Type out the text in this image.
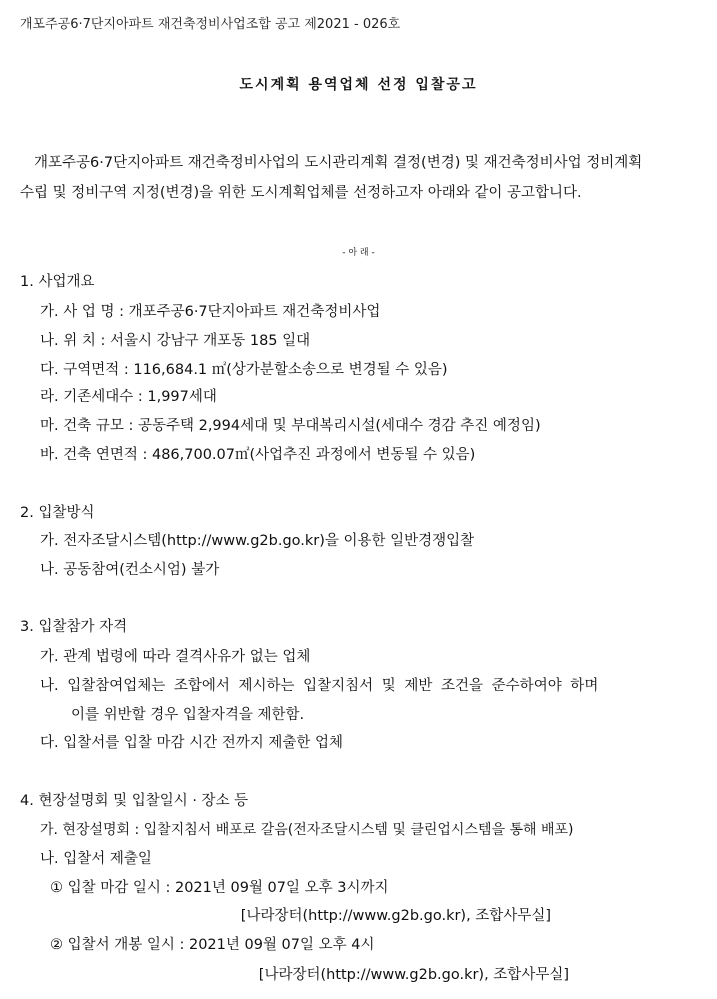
개포주공6·7단지아파트 재건축정비사업조합 공고 제2021 - 026호
도시계획 용역업체 선정 입찰공고
개포주공6·7단지아파트 재건축정비사업의 도시관리계획 결정(변경) 및 재건축정비사업 정비계획
수립 및 정비구역 지정(변경)을 위한 도시계획업체를 선정하고자 아래와 같이 공고합니다.
- 아 래 -
1. 사업개요
가. 사 업 명 : 개포주공6·7단지아파트 재건축정비사업
나. 위 치 : 서울시 강남구 개포동 185 일대
다. 구역면적 : 116,684.1 ㎡(상가분할소송으로 변경될 수 있음)
라. 기존세대수 : 1,997세대
마. 건축 규모 : 공동주택 2,994세대 및 부대복리시설(세대수 경감 추진 예정임)
바. 건축 연면적 : 486,700.07㎡(사업추진 과정에서 변동될 수 있음)
2. 입찰방식
가. 전자조달시스템(http://www.g2b.go.kr)을 이용한 일반경쟁입찰
나. 공동참여(컨소시엄) 불가
3. 입찰참가 자격
가. 관계 법령에 따라 결격사유가 없는 업체
나. 입찰참여업체는 조합에서 제시하는 입찰지침서 및 제반 조건을 준수하여야 하며
이를 위반할 경우 입찰자격을 제한함.
다. 입찰서를 입찰 마감 시간 전까지 제출한 업체
4. 현장설명회 및 입찰일시 · 장소 등
가. 현장설명회 : 입찰지침서 배포로 갈음(전자조달시스템 및 클린업시스템을 통해 배포)
나. 입찰서 제출일
① 입찰 마감 일시 : 2021년 09월 07일 오후 3시까지
[나라장터(http://www.g2b.go.kr), 조합사무실]
② 입찰서 개봉 일시 : 2021년 09월 07일 오후 4시
[나라장터(http://www.g2b.go.kr), 조합사무실]
